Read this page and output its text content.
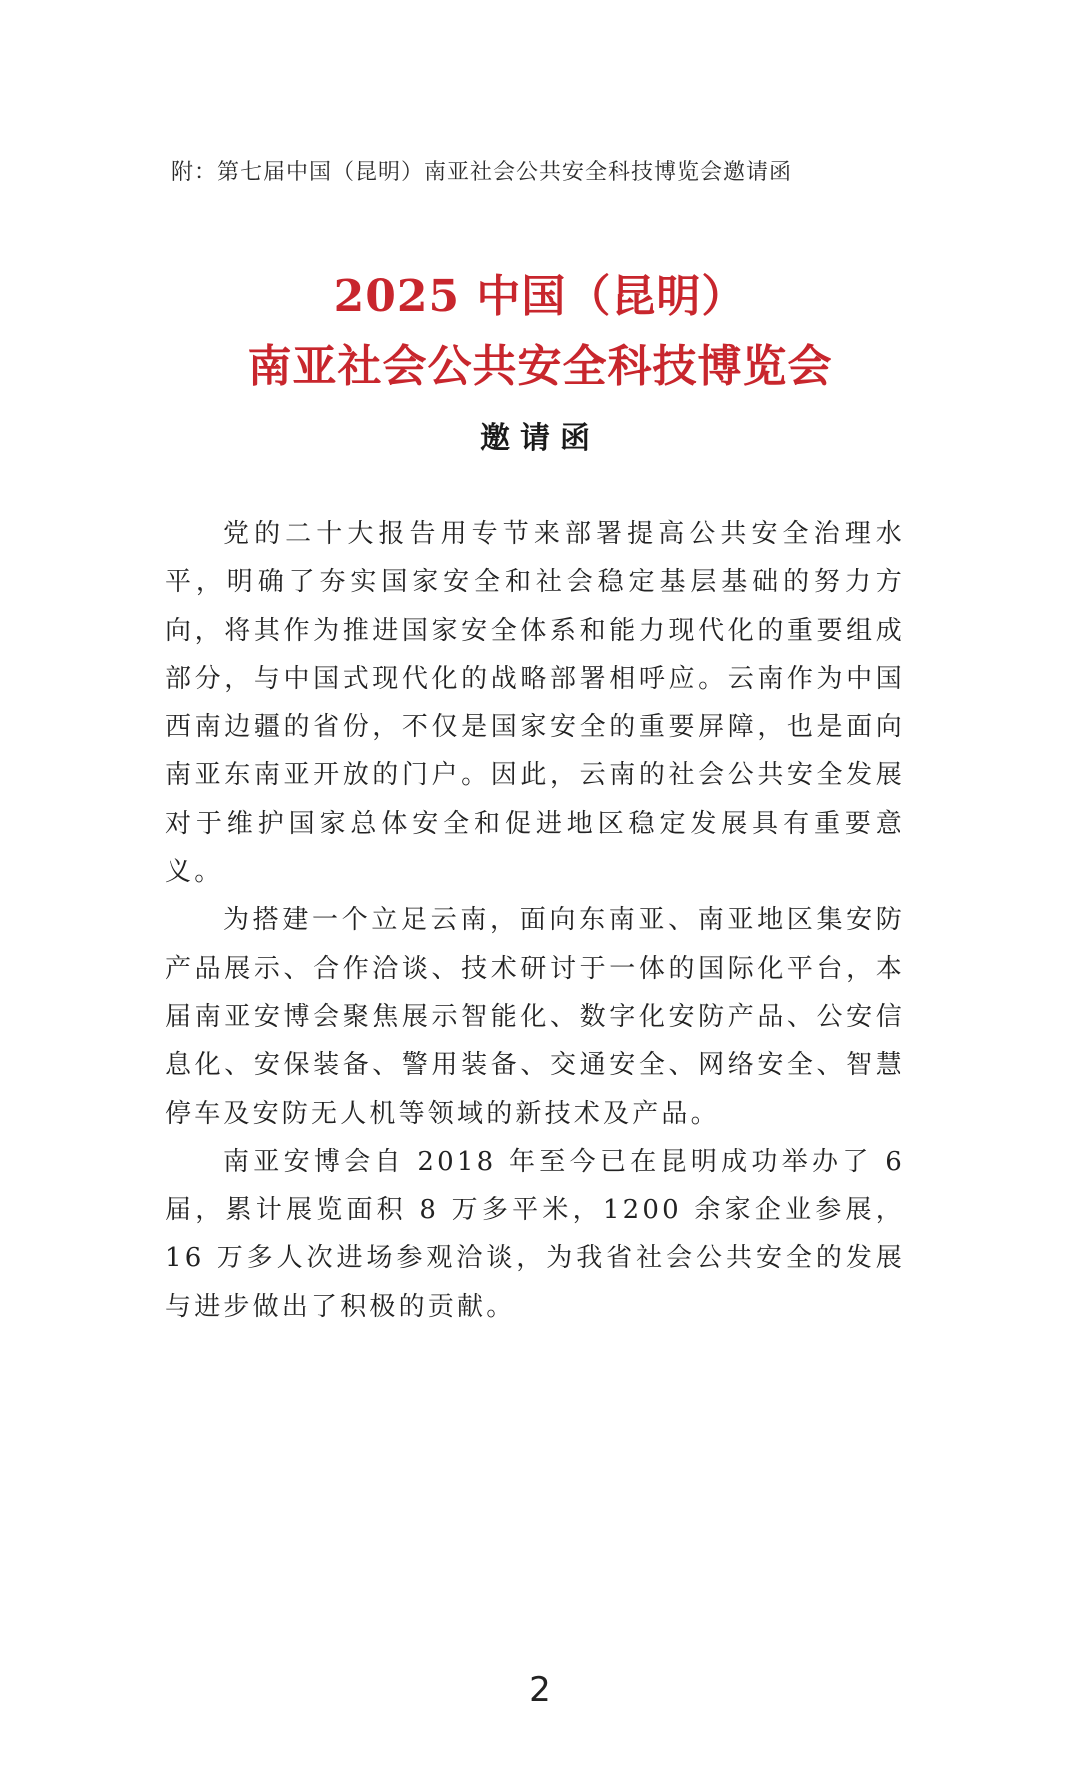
附：第七届中国（昆明）南亚社会公共安全科技博览会邀请函
2025 中国（昆明）
南亚社会公共安全科技博览会
邀请函

党的二十大报告用专节来部署提高公共安全治理水平，明确了夯实国家安全和社会稳定基层基础的努力方向，将其作为推进国家安全体系和能力现代化的重要组成部分，与中国式现代化的战略部署相呼应。云南作为中国西南边疆的省份，不仅是国家安全的重要屏障，也是面向南亚东南亚开放的门户。因此，云南的社会公共安全发展对于维护国家总体安全和促进地区稳定发展具有重要意义。

为搭建一个立足云南，面向东南亚、南亚地区集安防产品展示、合作洽谈、技术研讨于一体的国际化平台，本届南亚安博会聚焦展示智能化、数字化安防产品、公安信息化、安保装备、警用装备、交通安全、网络安全、智慧停车及安防无人机等领域的新技术及产品。

南亚安博会自 2018 年至今已在昆明成功举办了 6 届，累计展览面积 8 万多平米，1200 余家企业参展，16 万多人次进场参观洽谈，为我省社会公共安全的发展与进步做出了积极的贡献。

2
